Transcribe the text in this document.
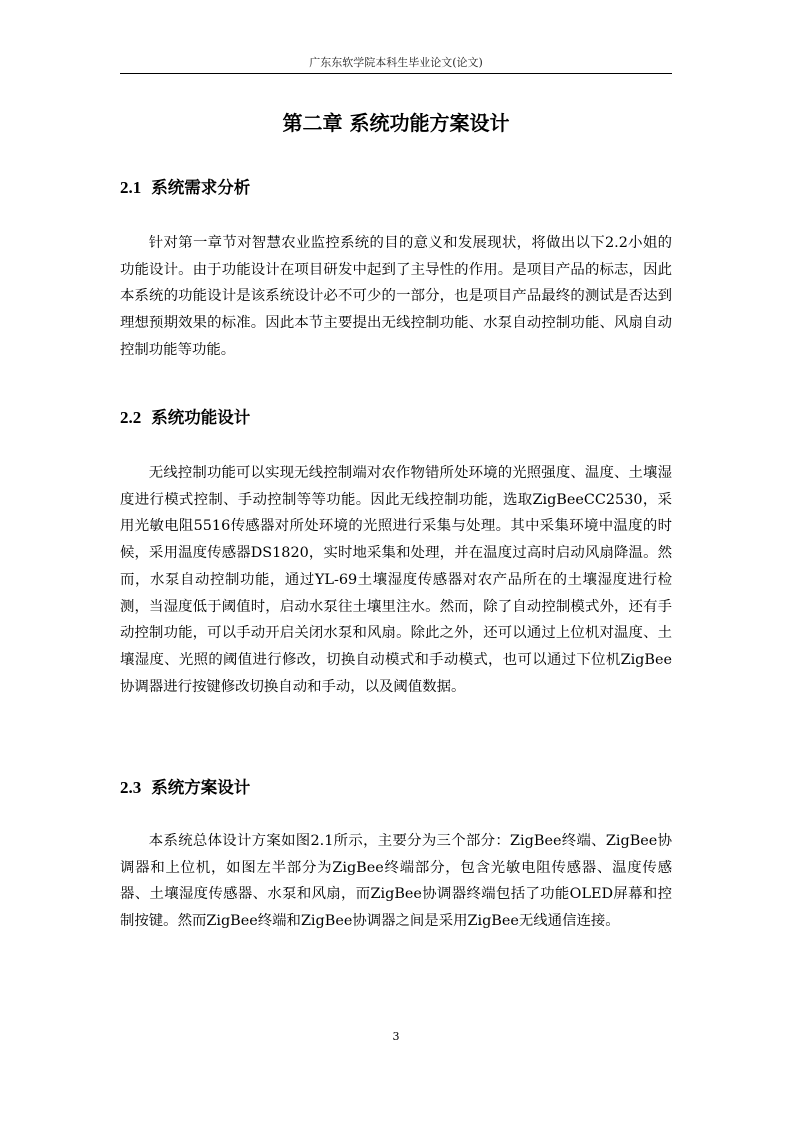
广东东软学院本科生毕业论文(论文)
第二章 系统功能方案设计
2.1 系统需求分析

针对第一章节对智慧农业监控系统的目的意义和发展现状，将做出以下2.2小姐的功能设计。由于功能设计在项目研发中起到了主导性的作用。是项目产品的标志，因此本系统的功能设计是该系统设计必不可少的一部分，也是项目产品最终的测试是否达到理想预期效果的标准。因此本节主要提出无线控制功能、水泵自动控制功能、风扇自动控制功能等功能。

2.2 系统功能设计

无线控制功能可以实现无线控制端对农作物错所处环境的光照强度、温度、土壤湿度进行模式控制、手动控制等等功能。因此无线控制功能，选取ZigBeeCC2530，采用光敏电阻5516传感器对所处环境的光照进行采集与处理。其中采集环境中温度的时候，采用温度传感器DS1820，实时地采集和处理，并在温度过高时启动风扇降温。然而，水泵自动控制功能，通过YL-69土壤湿度传感器对农产品所在的土壤湿度进行检测，当湿度低于阈值时，启动水泵往土壤里注水。然而，除了自动控制模式外，还有手动控制功能，可以手动开启关闭水泵和风扇。除此之外，还可以通过上位机对温度、土壤湿度、光照的阈值进行修改，切换自动模式和手动模式，也可以通过下位机ZigBee协调器进行按键修改切换自动和手动，以及阈值数据。

2.3 系统方案设计

本系统总体设计方案如图2.1所示，主要分为三个部分：ZigBee终端、ZigBee协调器和上位机，如图左半部分为ZigBee终端部分，包含光敏电阻传感器、温度传感器、土壤湿度传感器、水泵和风扇，而ZigBee协调器终端包括了功能OLED屏幕和控制按键。然而ZigBee终端和ZigBee协调器之间是采用ZigBee无线通信连接。

3
